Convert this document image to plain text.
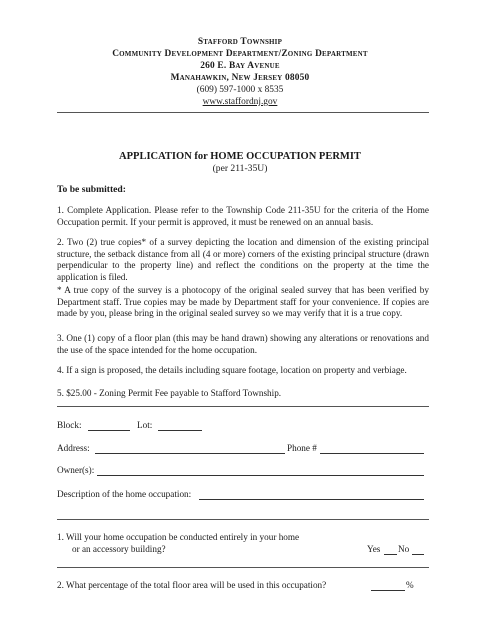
Stafford Township
Community Development Department/Zoning Department
260 E. Bay Avenue
Manahawkin, New Jersey 08050
(609) 597-1000 x 8535
www.staffordnj.gov
APPLICATION for HOME OCCUPATION PERMIT
(per 211-35U)
To be submitted:
1. Complete Application. Please refer to the Township Code 211-35U for the criteria of the Home Occupation permit. If your permit is approved, it must be renewed on an annual basis.
2. Two (2) true copies* of a survey depicting the location and dimension of the existing principal structure, the setback distance from all (4 or more) corners of the existing principal structure (drawn perpendicular to the property line) and reflect the conditions on the property at the time the application is filed.
* A true copy of the survey is a photocopy of the original sealed survey that has been verified by Department staff. True copies may be made by Department staff for your convenience. If copies are made by you, please bring in the original sealed survey so we may verify that it is a true copy.
3. One (1) copy of a floor plan (this may be hand drawn) showing any alterations or renovations and the use of the space intended for the home occupation.
4. If a sign is proposed, the details including square footage, location on property and verbiage.
5. $25.00 - Zoning Permit Fee payable to Stafford Township.
Block:	Lot:
Address:	Phone #
Owner(s):
Description of the home occupation:
1. Will your home occupation be conducted entirely in your home
or an accessory building?	Yes No
2. What percentage of the total floor area will be used in this occupation?	%
